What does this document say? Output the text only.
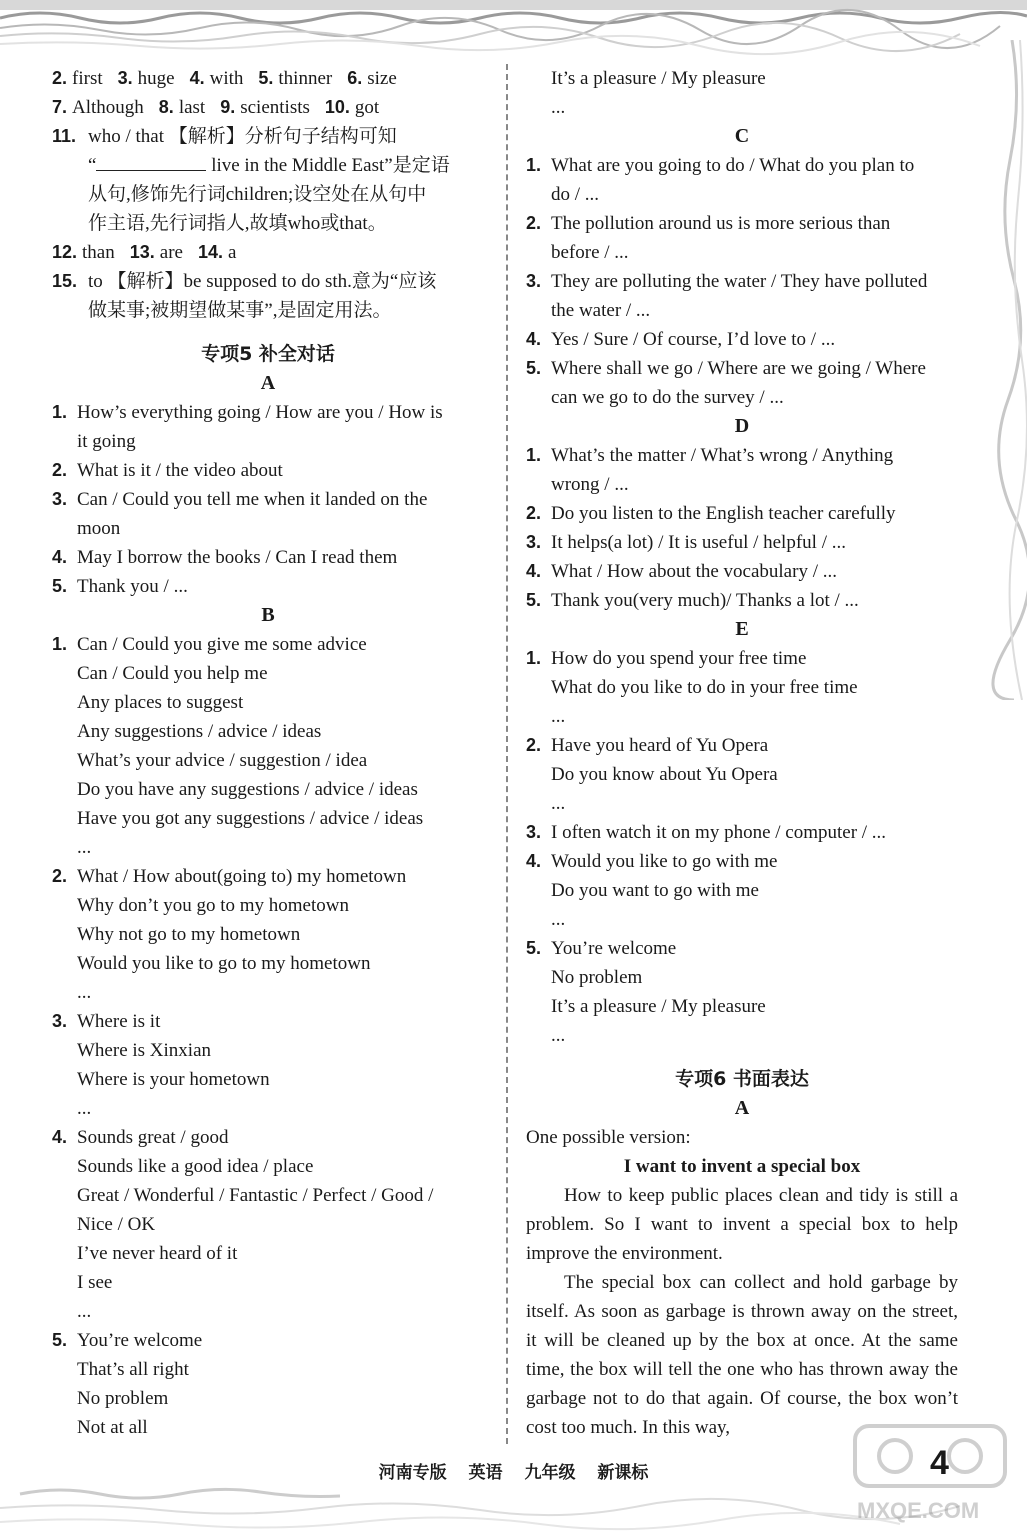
2. first 3. huge 4. with 5. thinner 6. size
7. Although 8. last 9. scientists 10. got
11. who / that 【解析】分析句子结构可知
“	live in the Middle East”是定语
从句,修饰先行词children;设空处在从句中
作主语,先行词指人,故填who或that。
12. than 13. are 14. a
15. to 【解析】be supposed to do sth.意为“应该
做某事;被期望做某事”,是固定用法。
专项5 补全对话
A
1. How’s everything going / How are you / How is
it going
2. What is it / the video about
3. Can / Could you tell me when it landed on the
moon
4. May I borrow the books / Can I read them
5. Thank you / ...
B
1. Can / Could you give me some advice
Can / Could you help me
Any places to suggest
Any suggestions / advice / ideas
What’s your advice / suggestion / idea
Do you have any suggestions / advice / ideas
Have you got any suggestions / advice / ideas
...
2. What / How about(going to) my hometown
Why don’t you go to my hometown
Why not go to my hometown
Would you like to go to my hometown
...
3. Where is it
Where is Xinxian
Where is your hometown
...
4. Sounds great / good
Sounds like a good idea / place
Great / Wonderful / Fantastic / Perfect / Good /
Nice / OK
I’ve never heard of it
I see
...
5. You’re welcome
That’s all right
No problem
Not at all
It’s a pleasure / My pleasure
...
C
1. What are you going to do / What do you plan to
do / ...
2. The pollution around us is more serious than
before / ...
3. They are polluting the water / They have polluted
the water / ...
4. Yes / Sure / Of course, I’d love to / ...
5. Where shall we go / Where are we going / Where
can we go to do the survey / ...
D
1. What’s the matter / What’s wrong / Anything
wrong / ...
2. Do you listen to the English teacher carefully
3. It helps(a lot) / It is useful / helpful / ...
4. What / How about the vocabulary / ...
5. Thank you(very much)/ Thanks a lot / ...
E
1. How do you spend your free time
What do you like to do in your free time
...
2. Have you heard of Yu Opera
Do you know about Yu Opera
...
3. I often watch it on my phone / computer / ...
4. Would you like to go with me
Do you want to go with me
...
5. You’re welcome
No problem
It’s a pleasure / My pleasure
...
专项6 书面表达
A
One possible version:
I want to invent a special box
How to keep public places clean and tidy is still a problem. So I want to invent a special box to help improve the environment.
The special box can collect and hold garbage by itself. As soon as garbage is thrown away on the street, it will be cleaned up by the box at once. At the same time, the box will tell the one who has thrown away the garbage not to do that again. Of course, the box won’t cost too much. In this way,
河南专版 英语 九年级 新课标
MXQE.COM
4
